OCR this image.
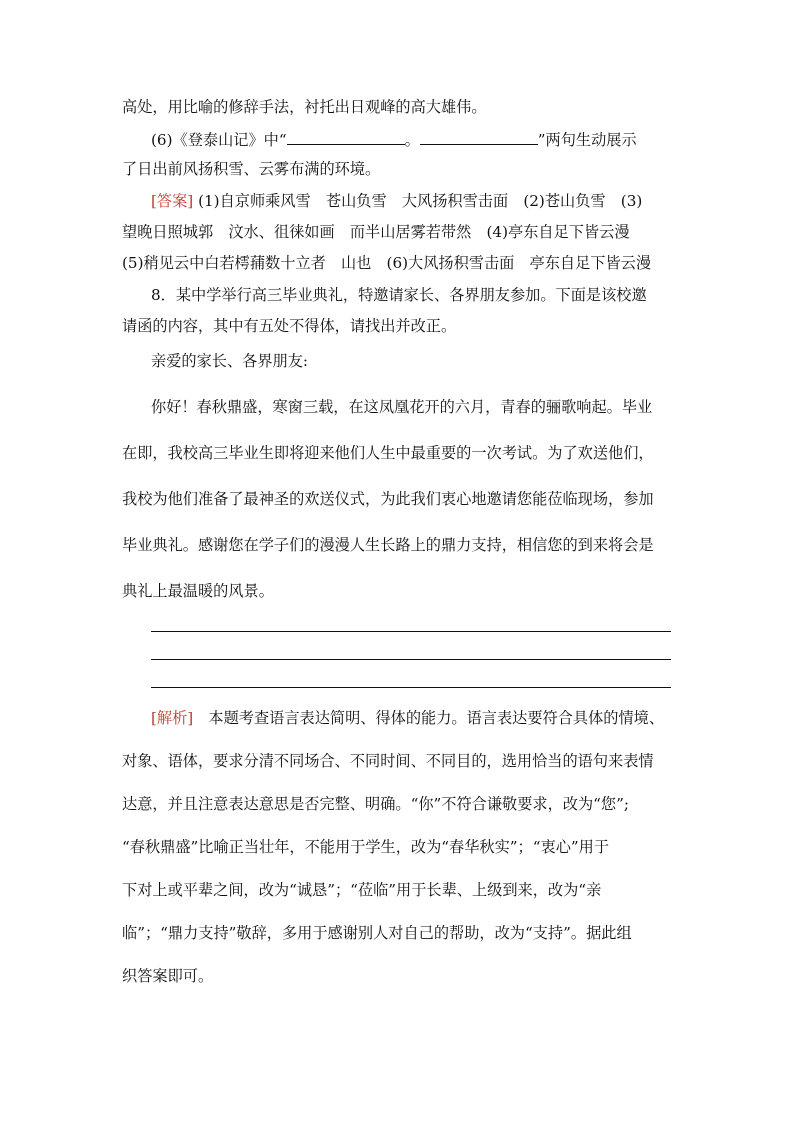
高处，用比喻的修辞手法，衬托出日观峰的高大雄伟。
(6)《登泰山记》中“	。	”两句生动展示
了日出前风扬积雪、云雾布满的环境。
[答案] (1)自京师乘风雪　苍山负雪　大风扬积雪击面　(2)苍山负雪　(3)
望晚日照城郭　汶水、徂徕如画　而半山居雾若带然　(4)亭东自足下皆云漫
(5)稍见云中白若樗蒱数十立者　山也　(6)大风扬积雪击面　亭东自足下皆云漫
8．某中学举行高三毕业典礼，特邀请家长、各界朋友参加。下面是该校邀
请函的内容，其中有五处不得体，请找出并改正。
亲爱的家长、各界朋友:
你好！春秋鼎盛，寒窗三载，在这凤凰花开的六月，青春的骊歌响起。毕业
在即，我校高三毕业生即将迎来他们人生中最重要的一次考试。为了欢送他们，
我校为他们准备了最神圣的欢送仪式，为此我们衷心地邀请您能莅临现场，参加
毕业典礼。感谢您在学子们的漫漫人生长路上的鼎力支持，相信您的到来将会是
典礼上最温暖的风景。
[解析]　本题考查语言表达简明、得体的能力。语言表达要符合具体的情境、
对象、语体，要求分清不同场合、不同时间、不同目的，选用恰当的语句来表情
达意，并且注意表达意思是否完整、明确。“你”不符合谦敬要求，改为“您”;
“春秋鼎盛”比喻正当壮年，不能用于学生，改为“春华秋实”；“衷心”用于
下对上或平辈之间，改为“诚恳”；“莅临”用于长辈、上级到来，改为“亲
临”；“鼎力支持”敬辞，多用于感谢别人对自己的帮助，改为“支持”。据此组
织答案即可。
